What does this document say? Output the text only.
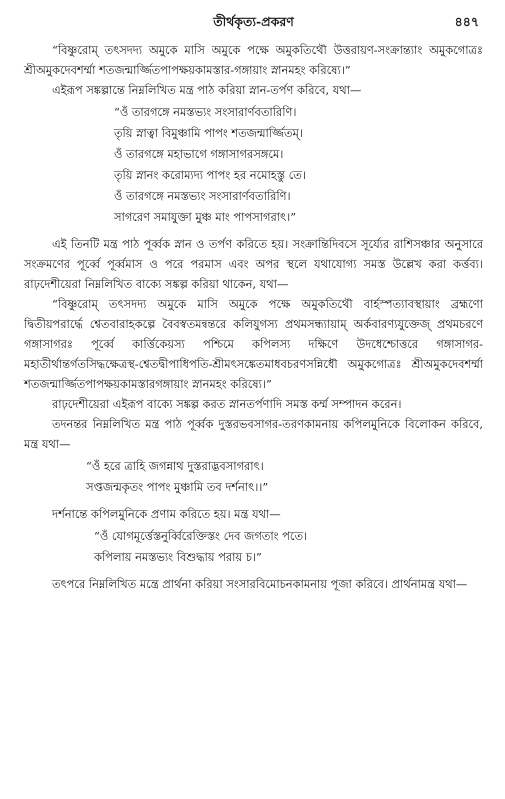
তীর্থকৃত্য-প্রকরণ	৪৪৭

“বিষ্ণুরোম্‌ তৎসদদ্য অমুকে মাসি অমুকে পক্ষে অমুকতিথৌ উত্তরায়ণ-সংক্রান্ত্যাং অমুকগোত্রঃ শ্রীঅমুকদেবশর্ম্মা শতজন্মার্জ্জিতপাপক্ষয়কামস্তার-গঙ্গায়াং স্নানমহং করিষ্যে।”

এইরূপ সঙ্কল্পান্তে নিম্নলিখিত মন্ত্র পাঠ করিয়া স্নান-তর্পণ করিবে, যথা—

“ওঁ তারগঙ্গে নমস্তভ্যং সংসারার্ণবতারিণি।
তৃয়ি স্নাত্বা বিমুঞ্চামি পাপং শতজন্মার্জ্জিতম্‌।
ওঁ তারগঙ্গে মহাভাগে গঙ্গাসাগরসঙ্গমে।
তৃয়ি স্নানং করোম্যদ্য পাপং হর নমোহস্তু তে।
ওঁ তারগঙ্গে নমস্তভ্যং সংসারার্ণবতারিণি।
সাগরেণ সমাযুক্তা মুঞ্চ মাং পাপসাগরাৎ।”

এই তিনটি মন্ত্র পাঠ পূর্ব্বক স্নান ও তর্পণ করিতে হয়। সংক্রান্তিদিবসে সূর্য্যের রাশিসঞ্চার অনুসারে সংক্রমণের পূর্ব্বে পূর্ব্বমাস ও পরে পরমাস এবং অপর স্থলে যথাযোগ্য সমস্ত উল্লেখ করা কর্ত্তব্য। রাঢ়দেশীয়েরা নিম্নলিখিত বাক্যে সঙ্কল্প করিয়া থাকেন, যথা—

“বিষ্ণুরোম্‌ তৎসদদ্য অমুকে মাসি অমুকে পক্ষে অমুকতিথৌ বার্হস্পত্যাবস্থায়াং ব্রহ্মণো দ্বিতীয়পরার্দ্ধে শ্বেতবারাহকল্পে বৈবস্বতমন্বন্তরে কলিযুগস্য প্রথমসন্ধ্যায়াম্‌ অর্কবারণ্যযুক্তেজ্‌ প্রথমচরণে গঙ্গাসাগরঃ পূর্ব্বে কার্ত্তিকেয়স্য পশ্চিমে কপিলস্য দক্ষিণে উদধেশ্চোত্তরে গঙ্গাসাগর-মহাতীর্থান্তর্গতসিদ্ধক্ষেত্রস্থ-শ্বেতদ্বীপাধিপতি-শ্রীমৎসঙ্কেতমাধবচরণসন্নিধৌ অমুকগোত্রঃ শ্রীঅমুকদেবশর্ম্মা শতজন্মার্জ্জিতপাপক্ষয়কামস্তারগঙ্গায়াং স্নানমহং করিষ্যে।”

রাঢ়দেশীয়েরা এইরূপ বাক্যে সঙ্কল্প করত স্নানতর্পণাদি সমস্ত কর্ম্ম সম্পাদন করেন।

তদনন্তর নিম্নলিখিত মন্ত্র পাঠ পূর্ব্বক দুস্তরভবসাগর-তরণকামনায় কপিলমুনিকে বিলোকন করিবে, মন্ত্র যথা—

“ওঁ হরে ত্রাহি জগন্নাথ দুস্তরাদ্ভবসাগরাৎ।
সপ্তজন্মকৃতং পাপং মুঞ্চামি তব দর্শনাৎ।।”

দর্শনান্তে কপিলমুনিকে প্রণাম করিতে হয়। মন্ত্র যথা—

“ওঁ যোগমূর্ত্তেস্তনুর্ব্বিরেক্তিস্তং দেব জগতাং পতে।
কপিলায় নমস্তভ্যং বিশুদ্ধায় পরায় চ।”

তৎপরে নিম্নলিখিত মন্ত্রে প্রার্থনা করিয়া সংসারবিমোচনকামনায় পূজা করিবে। প্রার্থনামন্ত্র যথা—
